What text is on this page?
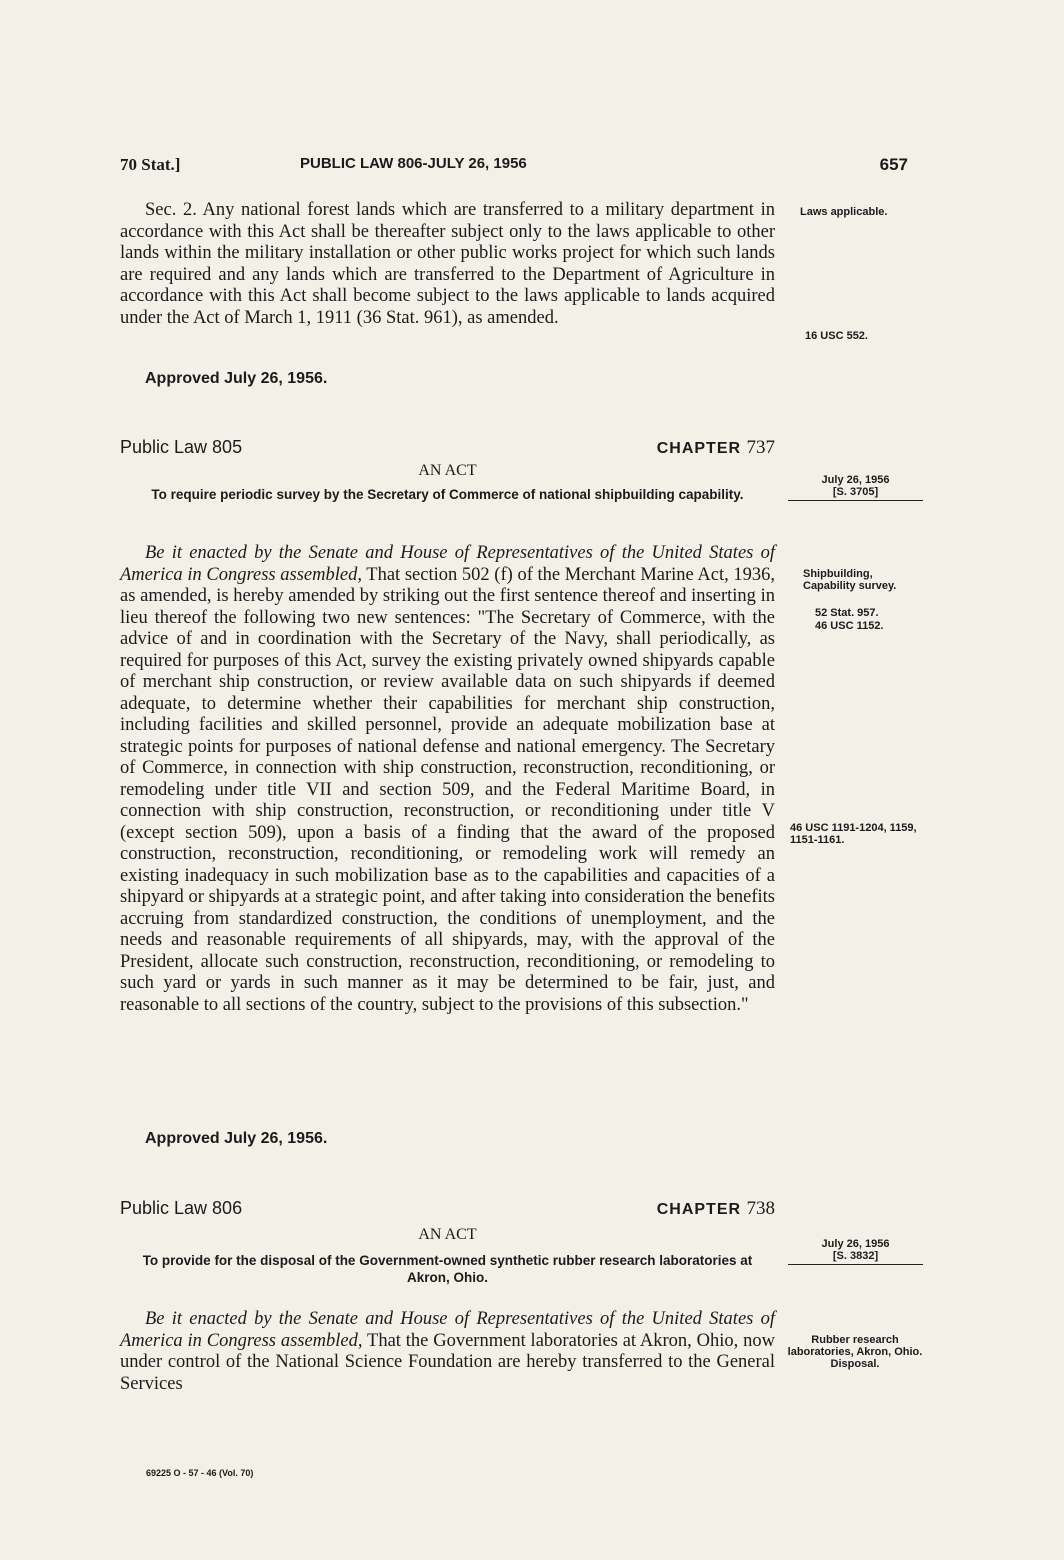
70 Stat.]	PUBLIC LAW 806-JULY 26, 1956	657
Sec. 2. Any national forest lands which are transferred to a military department in accordance with this Act shall be thereafter subject only to the laws applicable to other lands within the military installation or other public works project for which such lands are required and any lands which are transferred to the Department of Agriculture in accordance with this Act shall become subject to the laws applicable to lands acquired under the Act of March 1, 1911 (36 Stat. 961), as amended.
Approved July 26, 1956.
Public Law 805	CHAPTER 737
AN ACT
To require periodic survey by the Secretary of Commerce of national shipbuilding capability.
Be it enacted by the Senate and House of Representatives of the United States of America in Congress assembled, That section 502 (f) of the Merchant Marine Act, 1936, as amended, is hereby amended by striking out the first sentence thereof and inserting in lieu thereof the following two new sentences: "The Secretary of Commerce, with the advice of and in coordination with the Secretary of the Navy, shall periodically, as required for purposes of this Act, survey the existing privately owned shipyards capable of merchant ship construction, or review available data on such shipyards if deemed adequate, to determine whether their capabilities for merchant ship construction, including facilities and skilled personnel, provide an adequate mobilization base at strategic points for purposes of national defense and national emergency. The Secretary of Commerce, in connection with ship construction, reconstruction, reconditioning, or remodeling under title VII and section 509, and the Federal Maritime Board, in connection with ship construction, reconstruction, or reconditioning under title V (except section 509), upon a basis of a finding that the award of the proposed construction, reconstruction, reconditioning, or remodeling work will remedy an existing inadequacy in such mobilization base as to the capabilities and capacities of a shipyard or shipyards at a strategic point, and after taking into consideration the benefits accruing from standardized construction, the conditions of unemployment, and the needs and reasonable requirements of all shipyards, may, with the approval of the President, allocate such construction, reconstruction, reconditioning, or remodeling to such yard or yards in such manner as it may be determined to be fair, just, and reasonable to all sections of the country, subject to the provisions of this subsection."
Approved July 26, 1956.
Public Law 806	CHAPTER 738
AN ACT
To provide for the disposal of the Government-owned synthetic rubber research laboratories at Akron, Ohio.
Be it enacted by the Senate and House of Representatives of the United States of America in Congress assembled, That the Government laboratories at Akron, Ohio, now under control of the National Science Foundation are hereby transferred to the General Services
Laws applicable.
16 USC 552.
July 26, 1956
[S. 3705]
Shipbuilding, Capability survey.
52 Stat. 957.
46 USC 1152.
46 USC 1191-1204, 1159, 1151-1161.
July 26, 1956
[S. 3832]
Rubber research laboratories, Akron, Ohio. Disposal.
69225 O - 57 - 46 (Vol. 70)
